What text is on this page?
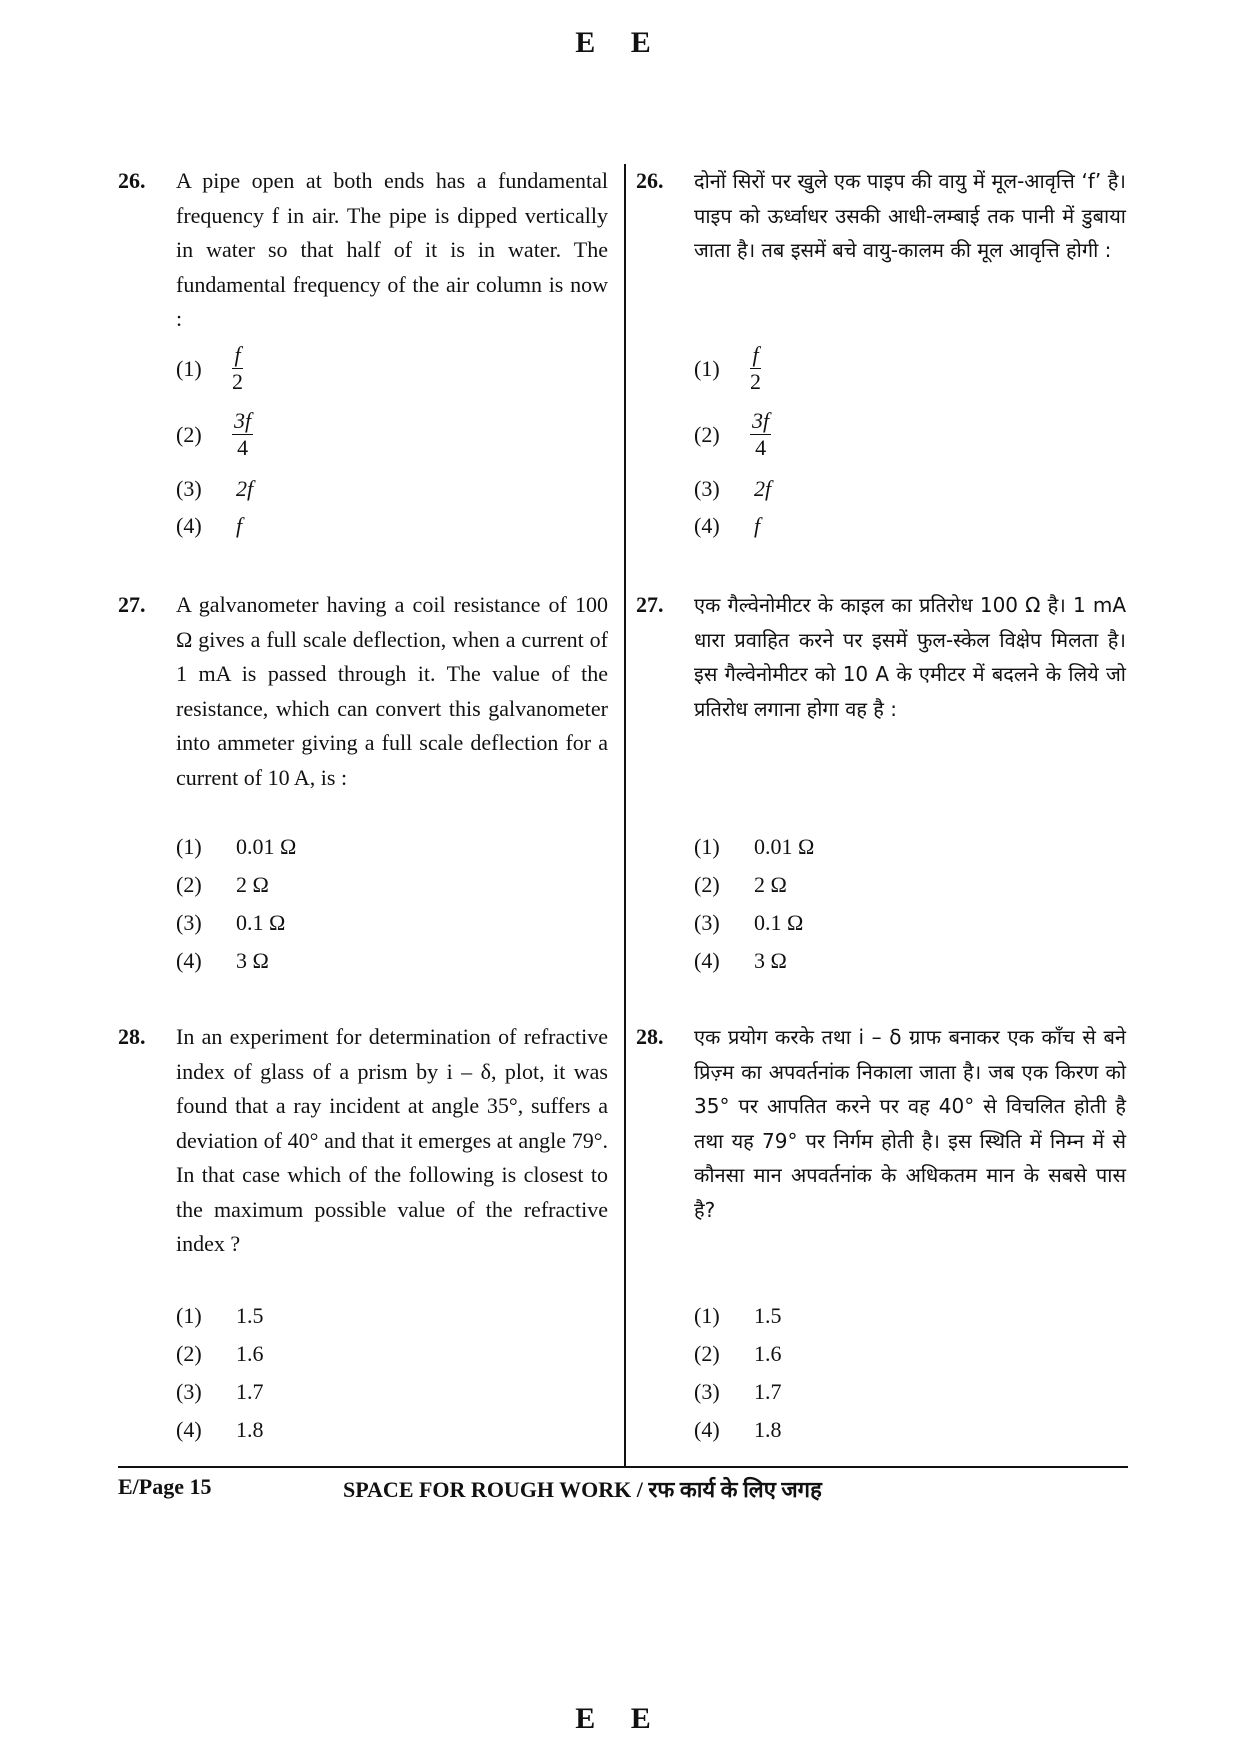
E E
26. A pipe open at both ends has a fundamental frequency f in air. The pipe is dipped vertically in water so that half of it is in water. The fundamental frequency of the air column is now :
$(1) \frac{f}{2}$
$(2) \frac{3f}{4}$
(3) 2f
(4) f
26. दोनों सिरों पर खुले एक पाइप की वायु में मूल-आवृत्ति ‘f’ है। पाइप को ऊर्ध्वाधर उसकी आधी-लम्बाई तक पानी में डुबाया जाता है। तब इसमें बचे वायु-कालम की मूल आवृत्ति होगी :
$(1) \frac{f}{2}$
$(2) \frac{3f}{4}$
(3) 2f
(4) f
27. A galvanometer having a coil resistance of 100 Ω gives a full scale deflection, when a current of 1 mA is passed through it. The value of the resistance, which can convert this galvanometer into ammeter giving a full scale deflection for a current of 10 A, is :
(1) 0.01 Ω
(2) 2 Ω
(3) 0.1 Ω
(4) 3 Ω
27. एक गैल्वेनोमीटर के काइल का प्रतिरोध 100 Ω है। 1 mA धारा प्रवाहित करने पर इसमें फुल-स्केल विक्षेप मिलता है। इस गैल्वेनोमीटर को 10 A के एमीटर में बदलने के लिये जो प्रतिरोध लगाना होगा वह है :
(1) 0.01 Ω
(2) 2 Ω
(3) 0.1 Ω
(4) 3 Ω
28. In an experiment for determination of refractive index of glass of a prism by i – δ, plot, it was found that a ray incident at angle 35°, suffers a deviation of 40° and that it emerges at angle 79°. In that case which of the following is closest to the maximum possible value of the refractive index ?
(1) 1.5
(2) 1.6
(3) 1.7
(4) 1.8
28. एक प्रयोग करके तथा i – δ ग्राफ बनाकर एक काँच से बने प्रिज़्म का अपवर्तनांक निकाला जाता है। जब एक किरण को 35° पर आपतित करने पर वह 40° से विचलित होती है तथा यह 79° पर निर्गम होती है। इस स्थिति में निम्न में से कौनसा मान अपवर्तनांक के अधिकतम मान के सबसे पास है?
(1) 1.5
(2) 1.6
(3) 1.7
(4) 1.8
E/Page 15	SPACE FOR ROUGH WORK / रफ कार्य के लिए जगह
E E
